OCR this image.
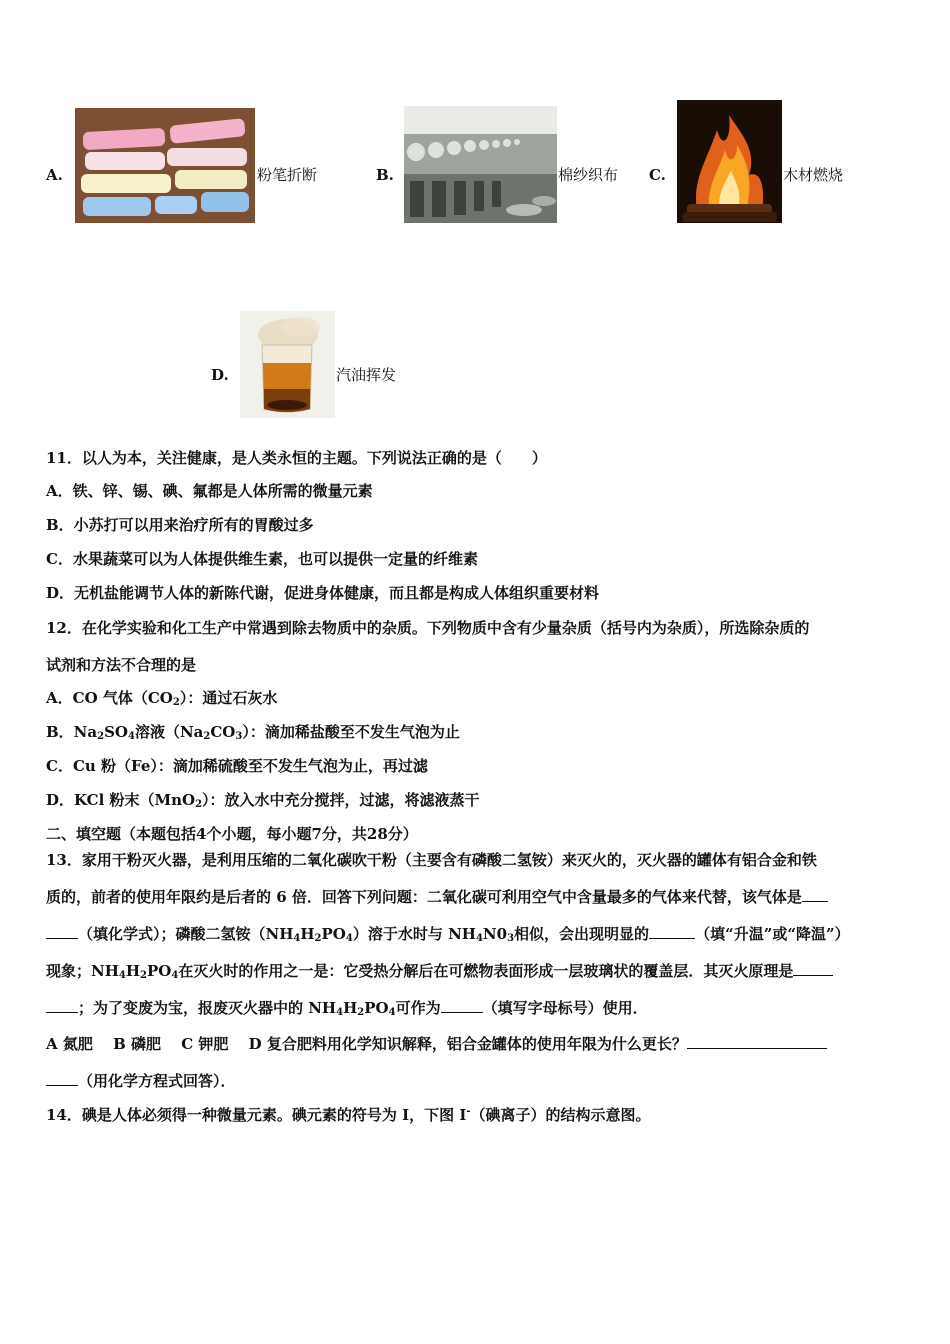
A.	粉笔折断	B.	棉纱织布 C.	木材燃烧
D.	汽油挥发
11．以人为本，关注健康，是人类永恒的主题。下列说法正确的是（　　）
A．铁、锌、锡、碘、氟都是人体所需的微量元素
B．小苏打可以用来治疗所有的胃酸过多
C．水果蔬菜可以为人体提供维生素，也可以提供一定量的纤维素
D．无机盐能调节人体的新陈代谢，促进身体健康，而且都是构成人体组织重要材料
12．在化学实验和化工生产中常遇到除去物质中的杂质。下列物质中含有少量杂质（括号内为杂质），所选除杂质的
试剂和方法不合理的是
A．CO 气体$(CO_2)$：通过石灰水
B．$Na_2SO_4$溶液$(Na_2CO_3)$：滴加稀盐酸至不发生气泡为止
C．Cu 粉（Fe）：滴加稀硫酸至不发生气泡为止，再过滤
D．KCl 粉末（MnO$_2$）：放入水中充分搅拌，过滤，将滤液蒸干
二、填空题（本题包括4个小题，每小题7分，共28分）
13．家用干粉灭火器，是利用压缩的二氧化碳吹干粉（主要含有磷酸二氢铵）来灭火的，灭火器的罐体有铝合金和铁
质的，前者的使用年限约是后者的 6 倍．回答下列问题：二氧化碳可利用空气中含量最多的气体来代替，该气体是
（填化学式）；磷酸二氢铵$(NH_4H_2PO_4)$溶于水时与 $NH_4N0_3$相似，会出现明显的	（填“升温”或“降温”）
现象；$NH_4H_2PO_4$在灭火时的作用之一是：它受热分解后在可燃物表面形成一层玻璃状的覆盖层．其灭火原理是
；为了变废为宝，报废灭火器中的 $NH_4H_2PO_4$可作为	（填写字母标号）使用．
A 氮肥　 B 磷肥　 C 钾肥　 D 复合肥料用化学知识解释，铝合金罐体的使用年限为什么更长？
（用化学方程式回答）．
14．碘是人体必须得一种微量元素。碘元素的符号为 I，下图 I-（碘离子）的结构示意图。
